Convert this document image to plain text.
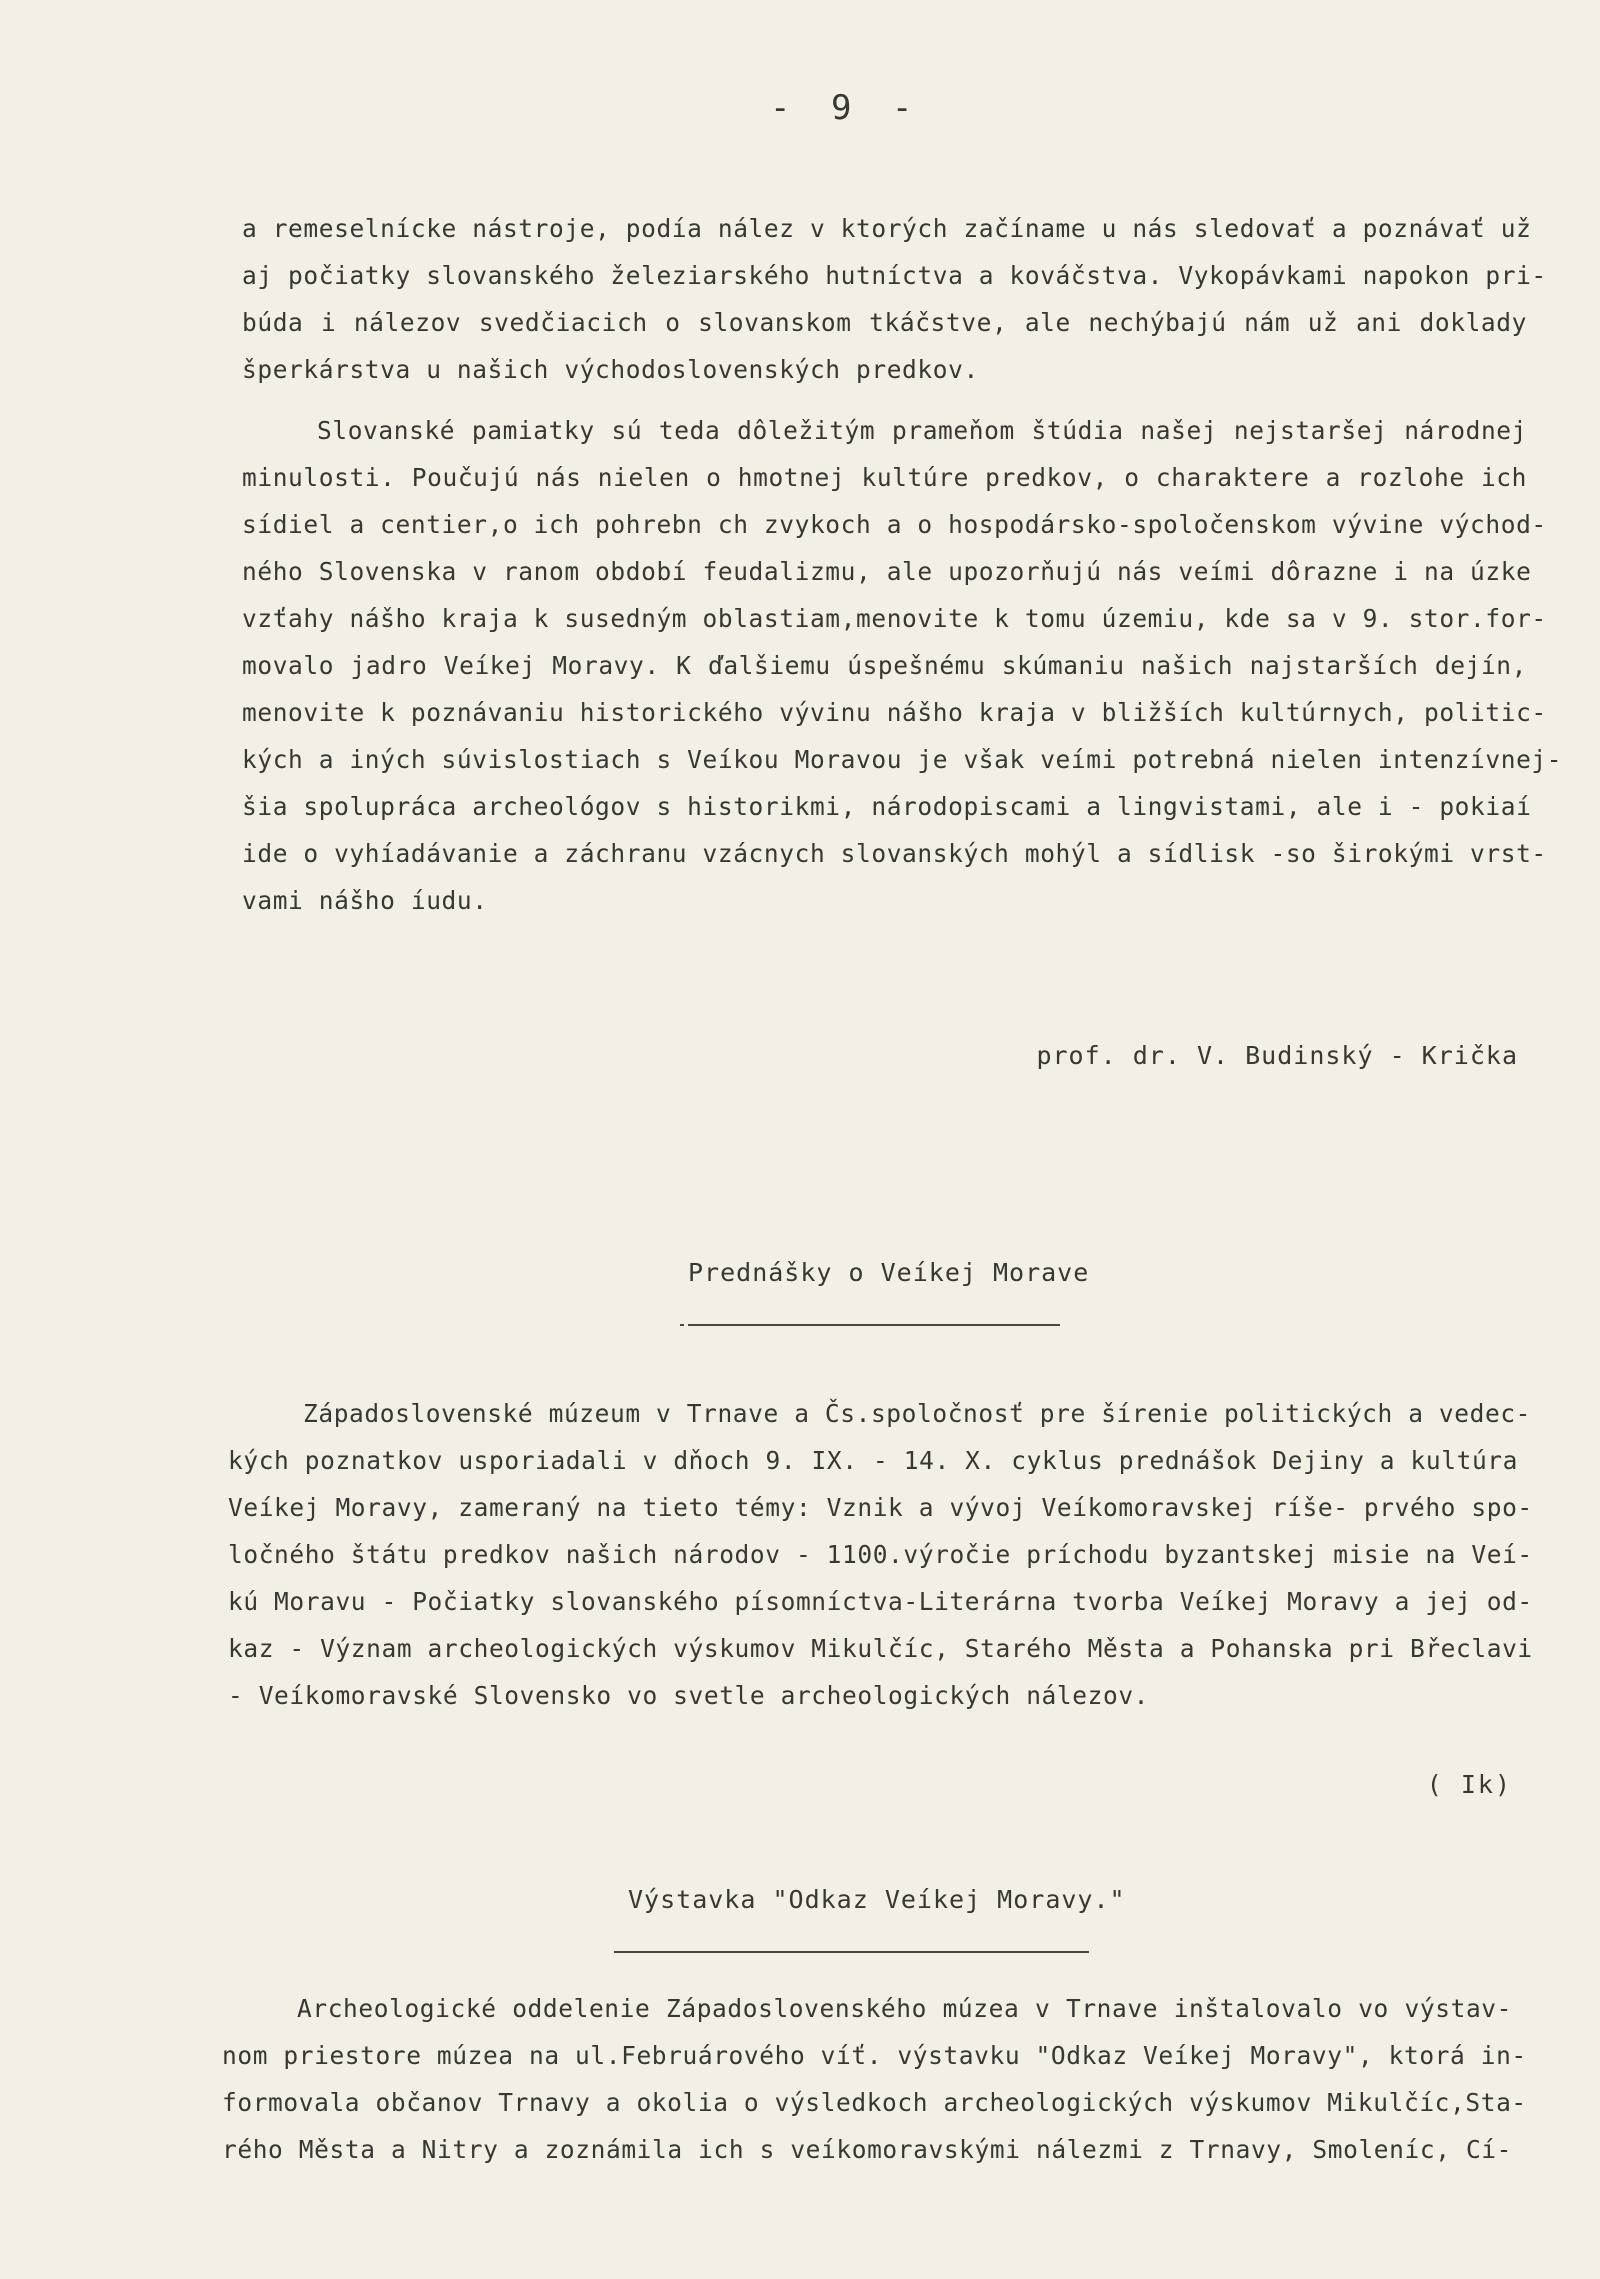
- 9 -
a remeselnícke nástroje, podía nález v ktorých začíname u nás sledovať a poznávať už
aj počiatky slovanského železiarského hutníctva a kováčstva. Vykopávkami napokon pri-
búda i nálezov svedčiacich o slovanskom tkáčstve, ale nechýbajú nám už ani doklady
šperkárstva u našich východoslovenských predkov.
Slovanské pamiatky sú teda dôležitým prameňom štúdia našej nejstaršej národnej
minulosti. Poučujú nás nielen o hmotnej kultúre predkov, o charaktere a rozlohe ich
sídiel a centier,o ich pohrebn ch zvykoch a o hospodársko-spoločenskom vývine východ-
ného Slovenska v ranom období feudalizmu, ale upozorňujú nás veími dôrazne i na úzke
vzťahy nášho kraja k susedným oblastiam,menovite k tomu územiu, kde sa v 9. stor.for-
movalo jadro Veíkej Moravy. K ďalšiemu úspešnému skúmaniu našich najstarších dejín,
menovite k poznávaniu historického vývinu nášho kraja v bližších kultúrnych, politic-
kých a iných súvislostiach s Veíkou Moravou je však veími potrebná nielen intenzívnej-
šia spolupráca archeológov s historikmi, národopiscami a lingvistami, ale i - pokiaí
ide o vyhíadávanie a záchranu vzácnych slovanských mohýl a sídlisk -so širokými vrst-
vami nášho íudu.
prof. dr. V. Budinský - Krička
Prednášky o Veíkej Morave
Západoslovenské múzeum v Trnave a Čs.spoločnosť pre šírenie politických a vedec-
kých poznatkov usporiadali v dňoch 9. IX. - 14. X. cyklus prednášok Dejiny a kultúra
Veíkej Moravy, zameraný na tieto témy: Vznik a vývoj Veíkomoravskej ríše- prvého spo-
ločného štátu predkov našich národov - 1100.výročie príchodu byzantskej misie na Veí-
kú Moravu - Počiatky slovanského písomníctva-Literárna tvorba Veíkej Moravy a jej od-
kaz - Význam archeologických výskumov Mikulčíc, Starého Města a Pohanska pri Břeclavi
- Veíkomoravské Slovensko vo svetle archeologických nálezov.
( Ik)
Výstavka "Odkaz Veíkej Moravy."
Archeologické oddelenie Západoslovenského múzea v Trnave inštalovalo vo výstav-
nom priestore múzea na ul.Februárového víť. výstavku "Odkaz Veíkej Moravy", ktorá in-
formovala občanov Trnavy a okolia o výsledkoch archeologických výskumov Mikulčíc,Sta-
rého Města a Nitry a zoznámila ich s veíkomoravskými nálezmi z Trnavy, Smoleníc, Cí-
